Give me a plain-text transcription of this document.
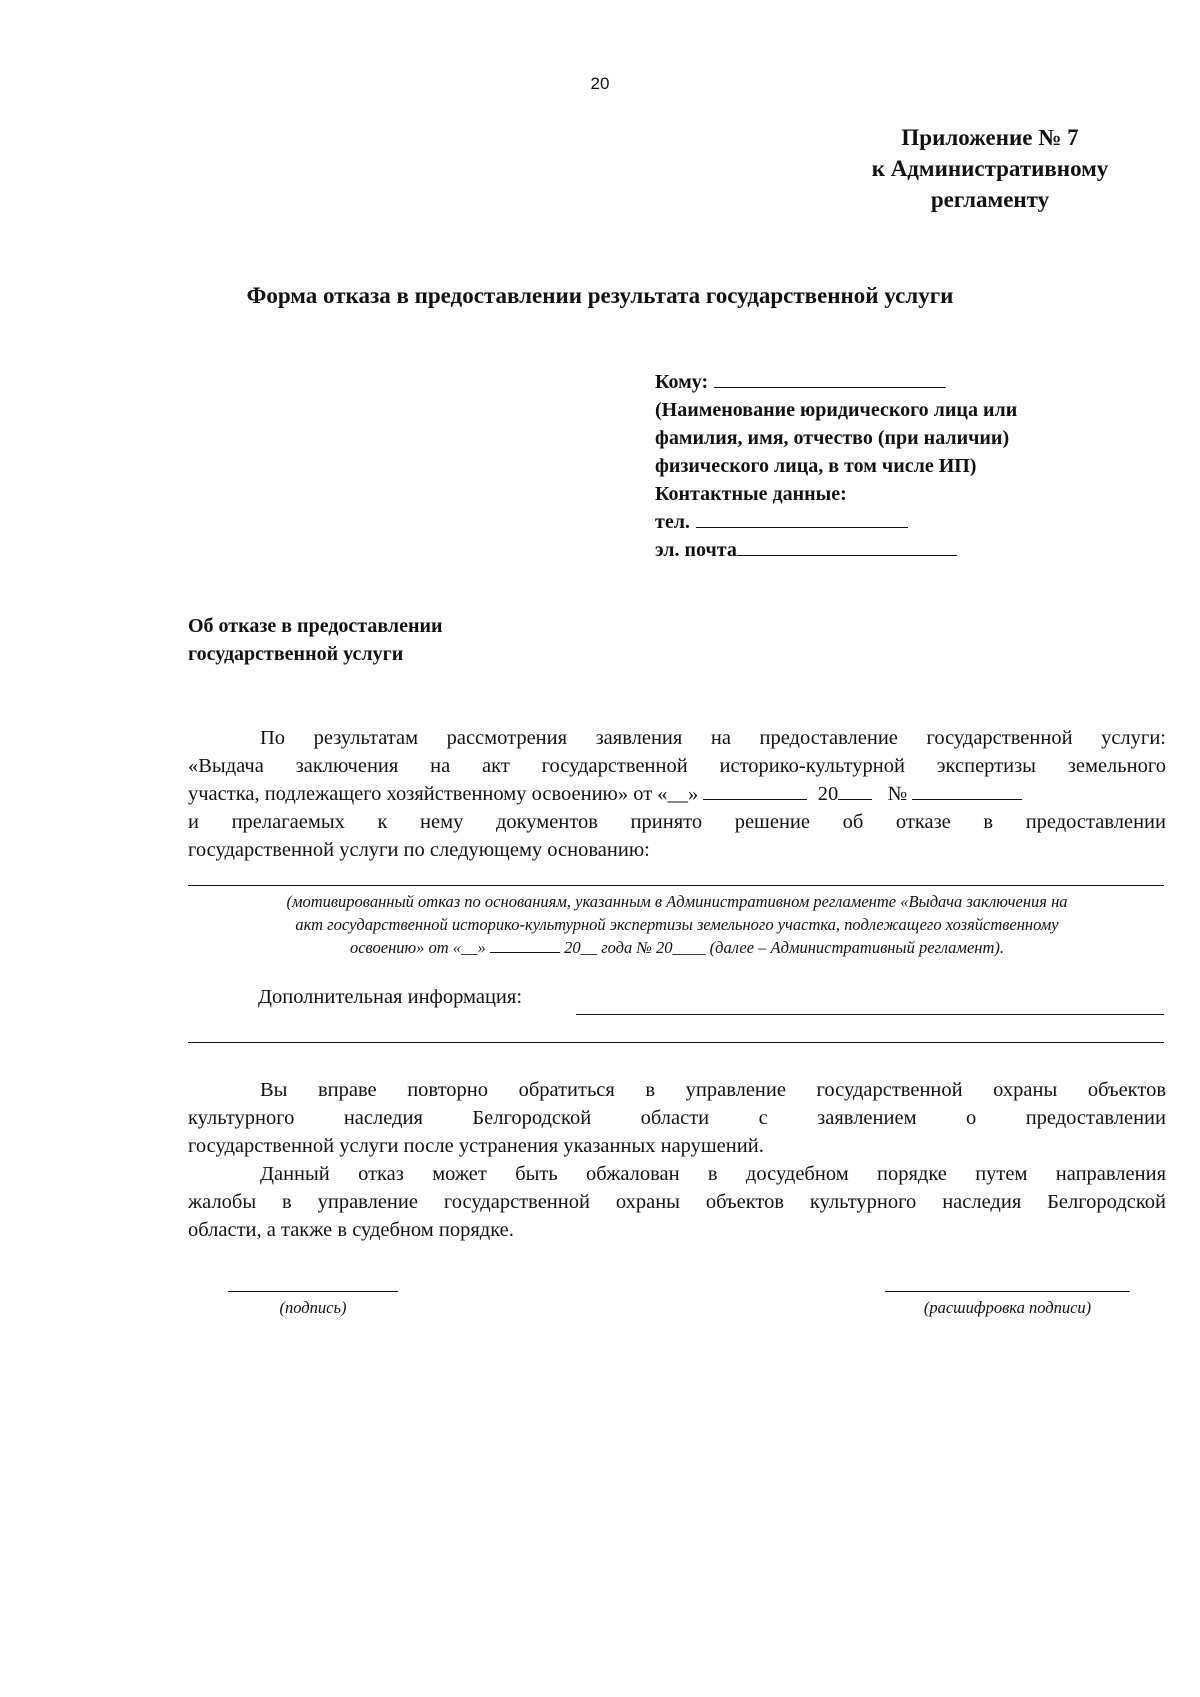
20
Приложение № 7
к Административному
регламенту
Форма отказа в предоставлении результата государственной услуги
Кому:
(Наименование юридического лица или
фамилия, имя, отчество (при наличии)
физического лица, в том числе ИП)
Контактные данные:
тел.
эл. почта
Об отказе в предоставлении
государственной услуги

По результатам рассмотрения заявления на предоставление государственной услуги:

«Выдача заключения на акт государственной историко-культурной экспертизы земельного

участка, подлежащего хозяйственному освоению» от «__»	20 №

и прелагаемых к нему документов принято решение об отказе в предоставлении

государственной услуги по следующему основанию:

(мотивированный отказ по основаниям, указанным в Административном регламенте «Выдача заключения на
акт государственной историко-культурной экспертизы земельного участка, подлежащего хозяйственному
освоению» от «__»	20__ года № 20____ (далее – Административный регламент).
Дополнительная информация:

Вы вправе повторно обратиться в управление государственной охраны объектов

культурного наследия Белгородской области с заявлением о предоставлении

государственной услуги после устранения указанных нарушений.

Данный отказ может быть обжалован в досудебном порядке путем направления

жалобы в управление государственной охраны объектов культурного наследия Белгородской

области, а также в судебном порядке.

(подпись)	(расшифровка подписи)
